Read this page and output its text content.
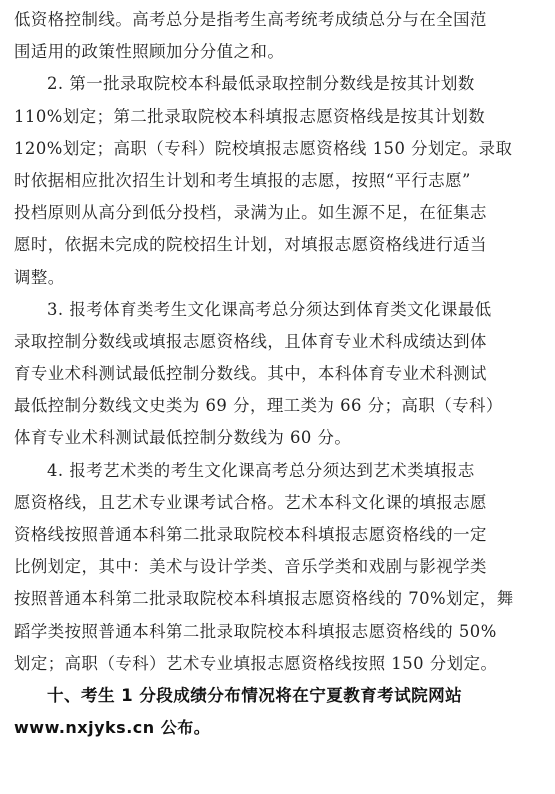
低资格控制线。高考总分是指考生高考统考成绩总分与在全国范
围适用的政策性照顾加分分值之和。
2. 第一批录取院校本科最低录取控制分数线是按其计划数
110%划定；第二批录取院校本科填报志愿资格线是按其计划数
120%划定；高职（专科）院校填报志愿资格线 150 分划定。录取
时依据相应批次招生计划和考生填报的志愿，按照“平行志愿”
投档原则从高分到低分投档，录满为止。如生源不足，在征集志
愿时，依据未完成的院校招生计划，对填报志愿资格线进行适当
调整。
3. 报考体育类考生文化课高考总分须达到体育类文化课最低
录取控制分数线或填报志愿资格线，且体育专业术科成绩达到体
育专业术科测试最低控制分数线。其中，本科体育专业术科测试
最低控制分数线文史类为 69 分，理工类为 66 分；高职（专科）
体育专业术科测试最低控制分数线为 60 分。
4. 报考艺术类的考生文化课高考总分须达到艺术类填报志
愿资格线，且艺术专业课考试合格。艺术本科文化课的填报志愿
资格线按照普通本科第二批录取院校本科填报志愿资格线的一定
比例划定，其中：美术与设计学类、音乐学类和戏剧与影视学类
按照普通本科第二批录取院校本科填报志愿资格线的 70%划定，舞
蹈学类按照普通本科第二批录取院校本科填报志愿资格线的 50%
划定；高职（专科）艺术专业填报志愿资格线按照 150 分划定。
十、考生 1 分段成绩分布情况将在宁夏教育考试院网站
www.nxjyks.cn 公布。
